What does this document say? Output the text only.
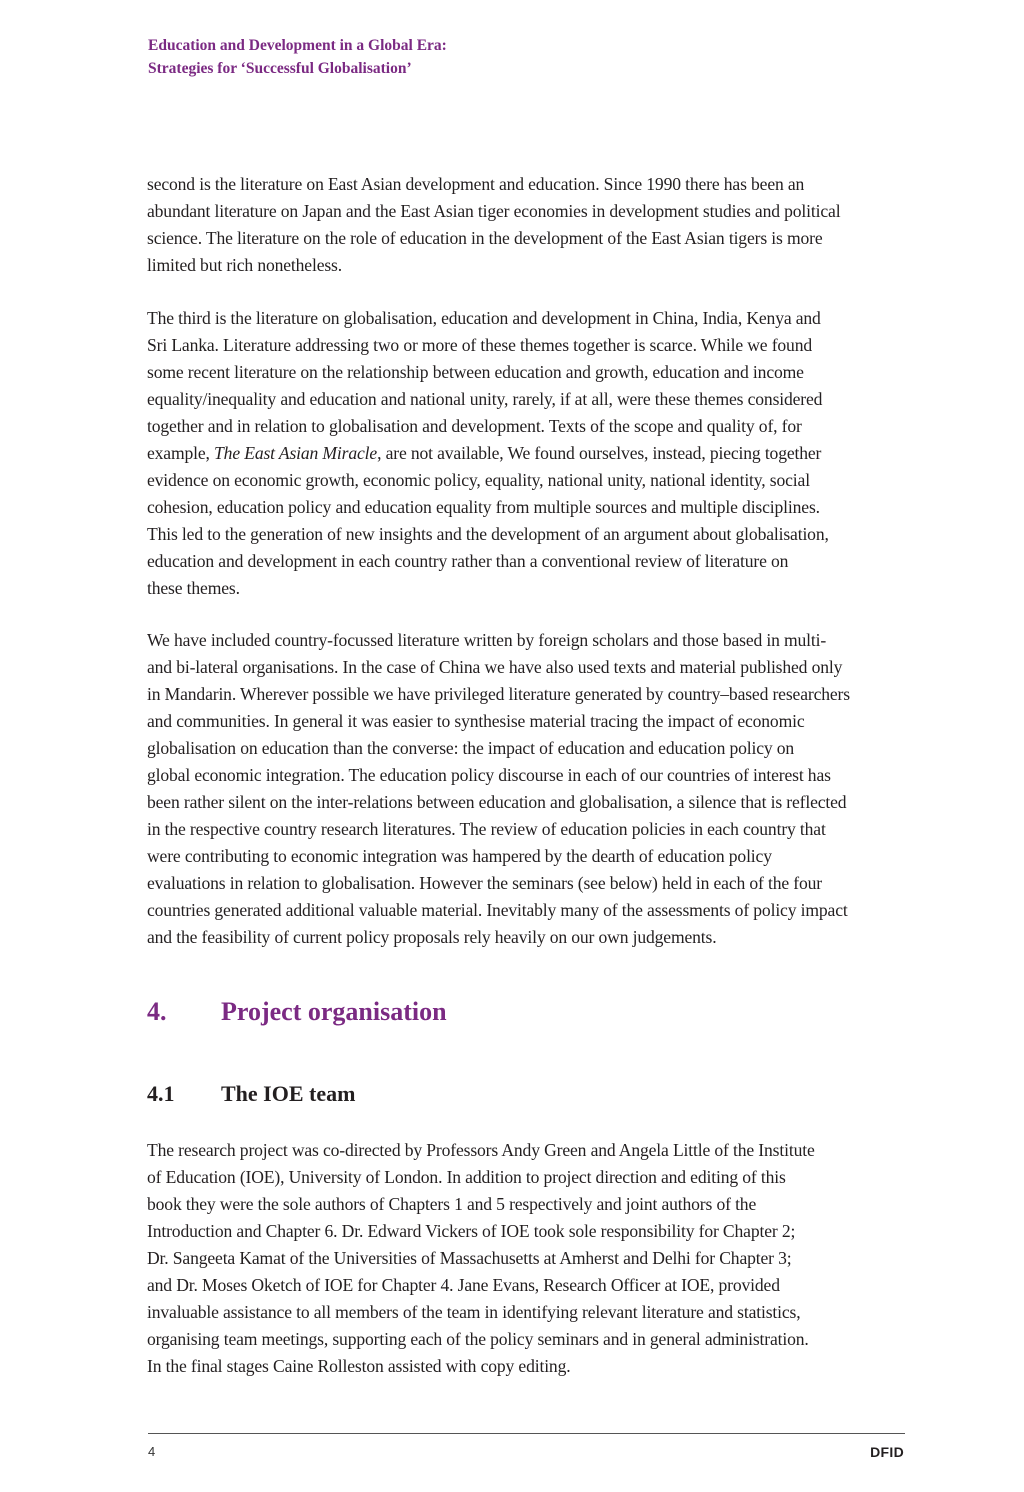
Education and Development in a Global Era:
Strategies for ‘Successful Globalisation’

second is the literature on East Asian development and education. Since 1990 there has been an
abundant literature on Japan and the East Asian tiger economies in development studies and political
science. The literature on the role of education in the development of the East Asian tigers is more
limited but rich nonetheless.

The third is the literature on globalisation, education and development in China, India, Kenya and
Sri Lanka. Literature addressing two or more of these themes together is scarce. While we found
some recent literature on the relationship between education and growth, education and income
equality/inequality and education and national unity, rarely, if at all, were these themes considered
together and in relation to globalisation and development. Texts of the scope and quality of, for
example, The East Asian Miracle, are not available, We found ourselves, instead, piecing together
evidence on economic growth, economic policy, equality, national unity, national identity, social
cohesion, education policy and education equality from multiple sources and multiple disciplines.
This led to the generation of new insights and the development of an argument about globalisation,
education and development in each country rather than a conventional review of literature on
these themes.

We have included country-focussed literature written by foreign scholars and those based in multi-
and bi-lateral organisations. In the case of China we have also used texts and material published only
in Mandarin. Wherever possible we have privileged literature generated by country–based researchers
and communities. In general it was easier to synthesise material tracing the impact of economic
globalisation on education than the converse: the impact of education and education policy on
global economic integration. The education policy discourse in each of our countries of interest has
been rather silent on the inter-relations between education and globalisation, a silence that is reflected
in the respective country research literatures. The review of education policies in each country that
were contributing to economic integration was hampered by the dearth of education policy
evaluations in relation to globalisation. However the seminars (see below) held in each of the four
countries generated additional valuable material. Inevitably many of the assessments of policy impact
and the feasibility of current policy proposals rely heavily on our own judgements.

4. Project organisation
4.1 The IOE team

The research project was co-directed by Professors Andy Green and Angela Little of the Institute
of Education (IOE), University of London. In addition to project direction and editing of this
book they were the sole authors of Chapters 1 and 5 respectively and joint authors of the
Introduction and Chapter 6. Dr. Edward Vickers of IOE took sole responsibility for Chapter 2;
Dr. Sangeeta Kamat of the Universities of Massachusetts at Amherst and Delhi for Chapter 3;
and Dr. Moses Oketch of IOE for Chapter 4. Jane Evans, Research Officer at IOE, provided
invaluable assistance to all members of the team in identifying relevant literature and statistics,
organising team meetings, supporting each of the policy seminars and in general administration.
In the final stages Caine Rolleston assisted with copy editing.

4	DFID
